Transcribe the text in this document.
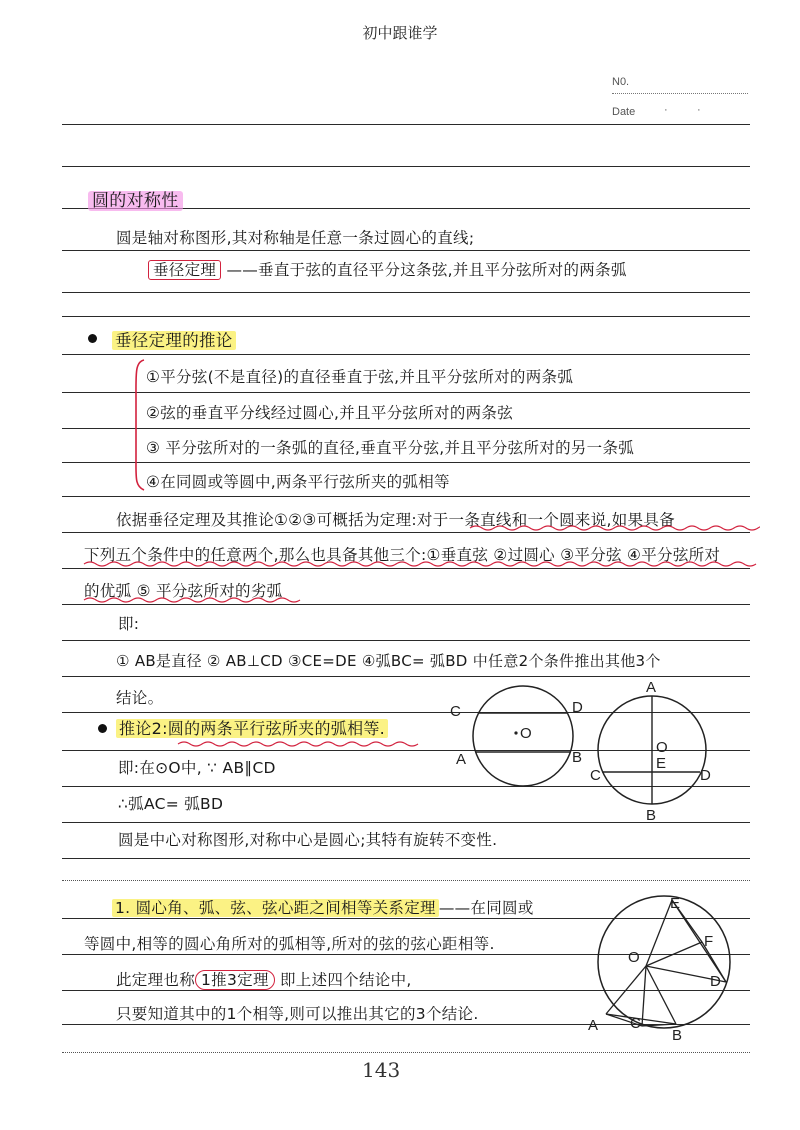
初中跟谁学
N0.
Date	·	·
圆的对称性
圆是轴对称图形,其对称轴是任意一条过圆心的直线;
垂径定理 ——垂直于弦的直径平分这条弦,并且平分弦所对的两条弧
垂径定理的推论
①平分弦(不是直径)的直径垂直于弦,并且平分弦所对的两条弧
②弦的垂直平分线经过圆心,并且平分弦所对的两条弦
③ 平分弦所对的一条弧的直径,垂直平分弦,并且平分弦所对的另一条弧
④在同圆或等圆中,两条平行弦所夹的弧相等
依据垂径定理及其推论①②③可概括为定理:对于一条直线和一个圆来说,如果具备
下列五个条件中的任意两个,那么也具备其他三个:①垂直弦 ②过圆心 ③平分弦 ④平分弦所对
的优弧 ⑤ 平分弦所对的劣弧
即:
① AB是直径 ② AB⊥CD ③CE=DE ④弧BC= 弧BD 中任意2个条件推出其他3个
结论。
推论2:圆的两条平行弦所夹的弧相等.
即:在⊙O中, ∵ AB∥CD
∴弧AC= 弧BD
圆是中心对称图形,对称中心是圆心;其特有旋转不变性.
1. 圆心角、弧、弦、弦心距之间相等关系定理 ——在同圆或
等圆中,相等的圆心角所对的弧相等,所对的弦的弦心距相等.
此定理也称 1推3定理 即上述四个结论中,
只要知道其中的1个相等,则可以推出其它的3个结论.
C	D
O
A	B
A
O
E
C	D
B
E
F
O
D
A C
B
143
